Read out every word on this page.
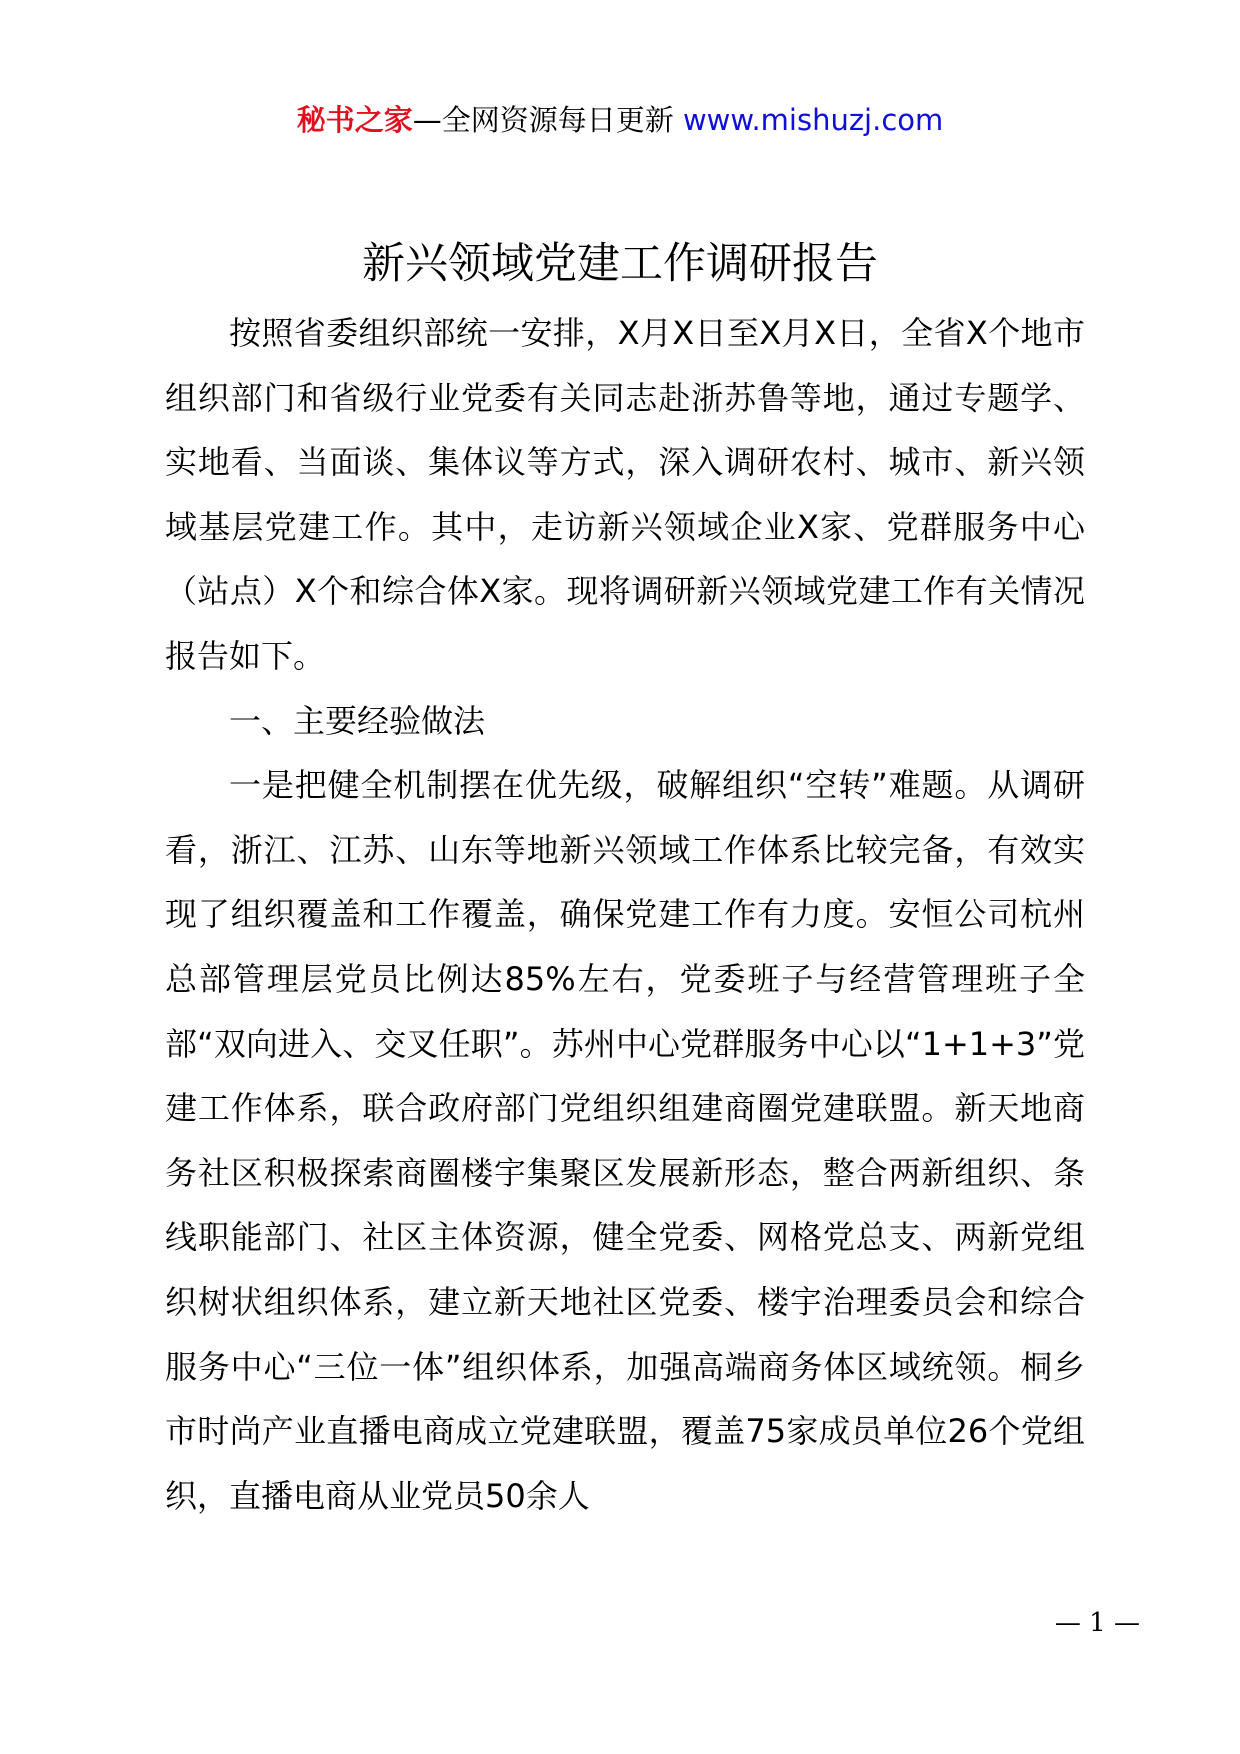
秘书之家—全网资源每日更新 www.mishuzj.com
新兴领域党建工作调研报告

按照省委组织部统一安排，X月X日至X月X日，全省X个地市组织部门和省级行业党委有关同志赴浙苏鲁等地，通过专题学、实地看、当面谈、集体议等方式，深入调研农村、城市、新兴领域基层党建工作。其中，走访新兴领域企业X家、党群服务中心（站点）X个和综合体X家。现将调研新兴领域党建工作有关情况报告如下。

一、主要经验做法

一是把健全机制摆在优先级，破解组织“空转”难题。从调研看，浙江、江苏、山东等地新兴领域工作体系比较完备，有效实现了组织覆盖和工作覆盖，确保党建工作有力度。安恒公司杭州总部管理层党员比例达85%左右，党委班子与经营管理班子全部“双向进入、交叉任职”。苏州中心党群服务中心以“1+1+3”党建工作体系，联合政府部门党组织组建商圈党建联盟。新天地商务社区积极探索商圈楼宇集聚区发展新形态，整合两新组织、条线职能部门、社区主体资源，健全党委、网格党总支、两新党组织树状组织体系，建立新天地社区党委、楼宇治理委员会和综合服务中心“三位一体”组织体系，加强高端商务体区域统领。桐乡市时尚产业直播电商成立党建联盟，覆盖75家成员单位26个党组织，直播电商从业党员50余人

— 1 —
